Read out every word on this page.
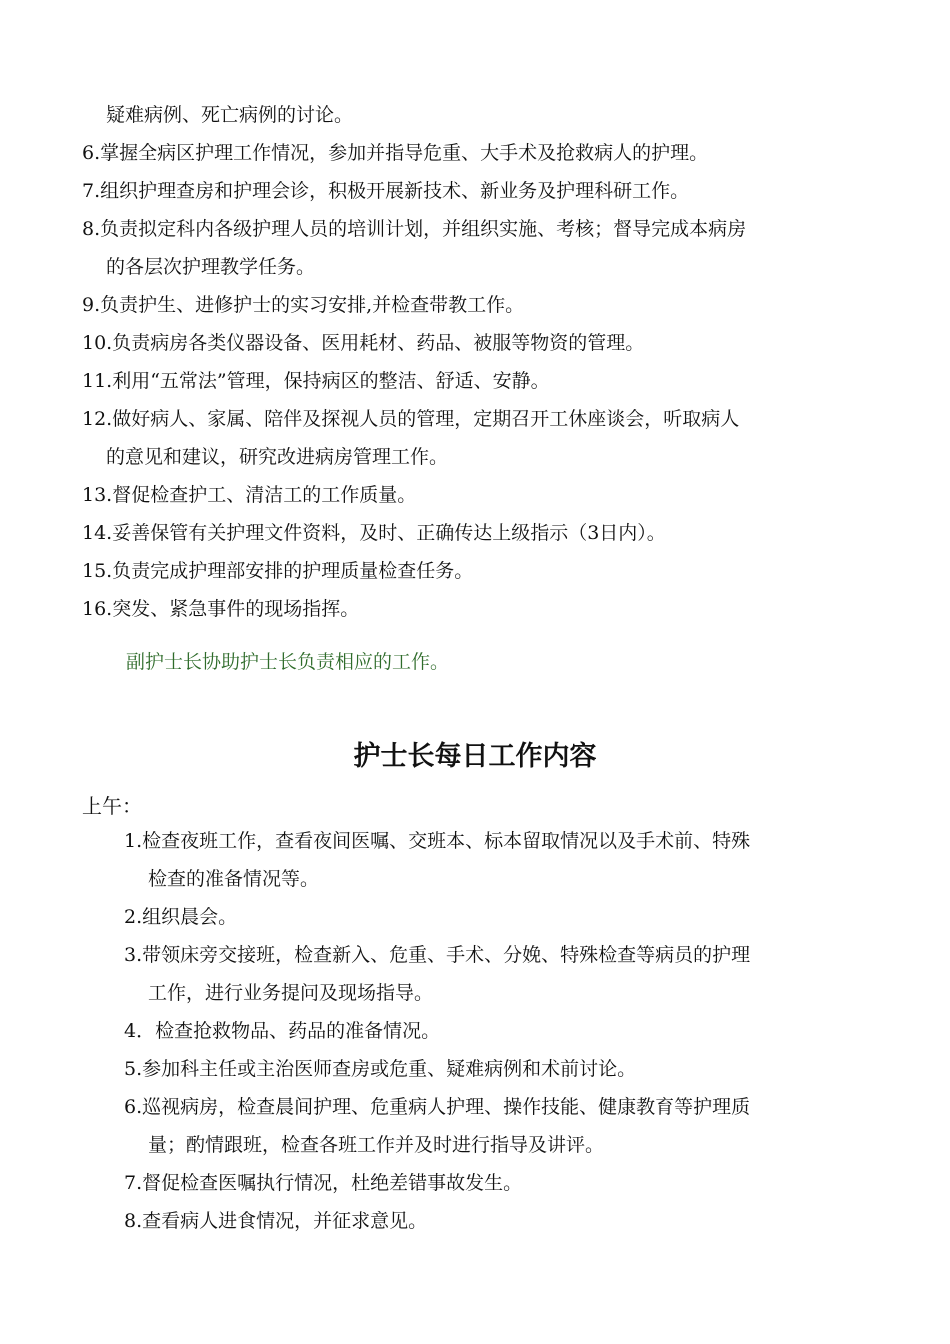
疑难病例、死亡病例的讨论。
6.掌握全病区护理工作情况，参加并指导危重、大手术及抢救病人的护理。
7.组织护理查房和护理会诊，积极开展新技术、新业务及护理科研工作。
8.负责拟定科内各级护理人员的培训计划，并组织实施、考核；督导完成本病房
的各层次护理教学任务。
9.负责护生、进修护士的实习安排,并检查带教工作。
10.负责病房各类仪器设备、医用耗材、药品、被服等物资的管理。
11.利用“五常法”管理，保持病区的整洁、舒适、安静。
12.做好病人、家属、陪伴及探视人员的管理，定期召开工休座谈会，听取病人
的意见和建议，研究改进病房管理工作。
13.督促检查护工、清洁工的工作质量。
14.妥善保管有关护理文件资料，及时、正确传达上级指示（3日内）。
15.负责完成护理部安排的护理质量检查任务。
16.突发、紧急事件的现场指挥。
副护士长协助护士长负责相应的工作。
护士长每日工作内容
上午：
1.检查夜班工作，查看夜间医嘱、交班本、标本留取情况以及手术前、特殊
检查的准备情况等。
2.组织晨会。
3.带领床旁交接班，检查新入、危重、手术、分娩、特殊检查等病员的护理
工作，进行业务提问及现场指导。
4．检查抢救物品、药品的准备情况。
5.参加科主任或主治医师查房或危重、疑难病例和术前讨论。
6.巡视病房，检查晨间护理、危重病人护理、操作技能、健康教育等护理质
量；酌情跟班，检查各班工作并及时进行指导及讲评。
7.督促检查医嘱执行情况，杜绝差错事故发生。
8.查看病人进食情况，并征求意见。
